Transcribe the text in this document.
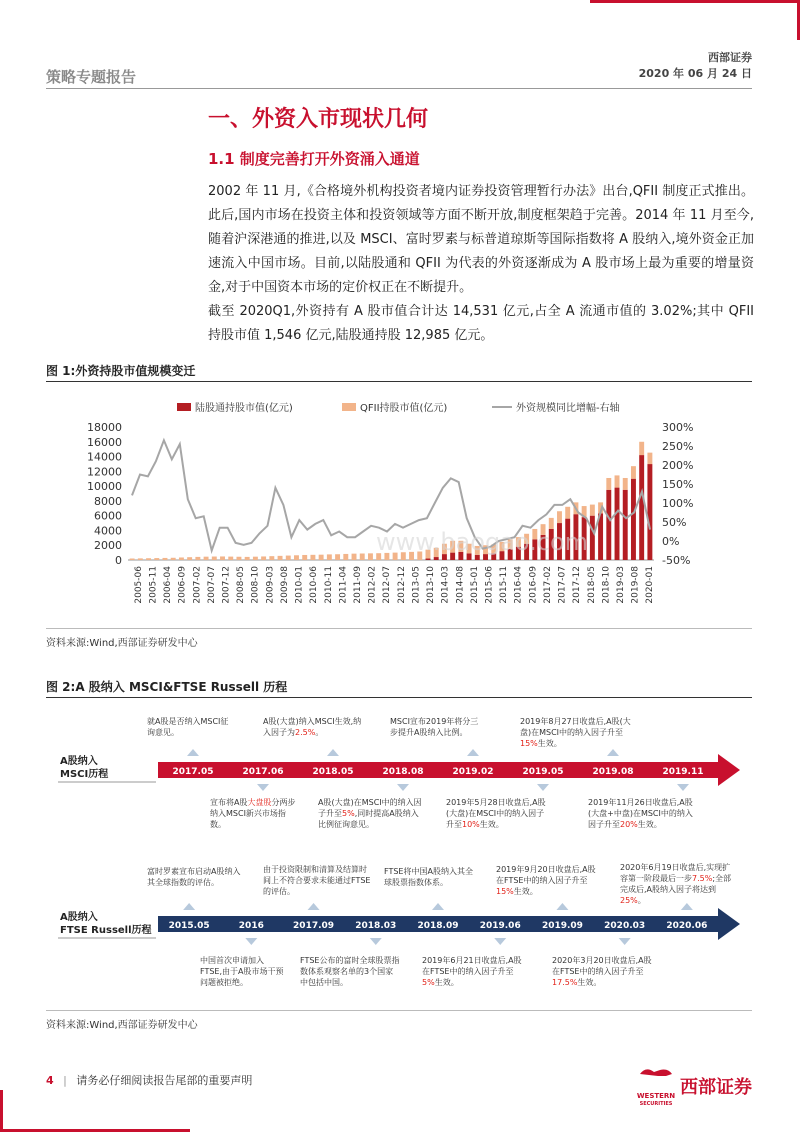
策略专题报告
西部证券
2020 年 06 月 24 日
一、外资入市现状几何
1.1 制度完善打开外资涌入通道
2002 年 11 月,《合格境外机构投资者境内证券投资管理暂行办法》出台,QFII 制度正式推出。此后,国内市场在投资主体和投资领域等方面不断开放,制度框架趋于完善。2014 年 11 月至今,随着沪深港通的推进,以及 MSCI、富时罗素与标普道琼斯等国际指数将 A 股纳入,境外资金正加速流入中国市场。目前,以陆股通和 QFII 为代表的外资逐渐成为 A 股市场上最为重要的增量资金,对于中国资本市场的定价权正在不断提升。
截至 2020Q1,外资持有 A 股市值合计达 14,531 亿元,占全 A 流通市值的 3.02%;其中 QFII 持股市值 1,546 亿元,陆股通持股 12,985 亿元。
图 1:外资持股市值规模变迁
陆股通持股市值(亿元)	QFII持股市值(亿元)	外资规模同比增幅-右轴
0
2000
4000
6000
8000
10000
12000
14000
16000
18000
-50%
0%
50%
100%
150%
200%
250%
300%
2005-06 2005-11 2006-04 2006-09 2007-02 2007-07 2007-12 2008-05 2008-10 2009-03 2009-08 2010-01 2010-06 2010-11 2011-04 2011-09 2012-02 2012-07 2012-12 2013-05 2013-10 2014-03 2014-08 2015-01 2015-06 2015-11 2016-04 2016-09 2017-02 2017-07 2017-12 2018-05 2018-10 2019-03 2019-08 2020-01
www.baogao.com
资料来源:Wind,西部证券研发中心
图 2:A 股纳入 MSCI&FTSE Russell 历程
A股纳入
MSCI历程	2017.05	2017.06	2018.05	2018.08	2019.02	2019.05	2019.08	2019.11
A股纳入
FTSE Russell历程 2015.05	2016	2017.09 2018.03 2018.09 2019.06 2019.09 2020.03 2020.06
就A股是否纳入MSCI征询意见。
A股(大盘)纳入MSCI生效,纳入因子为2.5%。
MSCI宣布2019年将分三步提升A股纳入比例。
2019年8月27日收盘后,A股(大盘)在MSCI中的纳入因子升至15%生效。
宣布将A股大盘股分两步纳入MSCI新兴市场指数。
A股(大盘)在MSCI中的纳入因子升至5%,同时提高A股纳入比例征询意见。
2019年5月28日收盘后,A股(大盘)在MSCI中的纳入因子升至10%生效。
2019年11月26日收盘后,A股(大盘+中盘)在MSCI中的纳入因子升至20%生效。
富时罗素宣布启动A股纳入其全球指数的评估。
由于投资限制和清算及结算时间上不符合要求未能通过FTSE的评估。
FTSE将中国A股纳入其全球股票指数体系。
2019年9月20日收盘后,A股在FTSE中的纳入因子升至15%生效。
2020年6月19日收盘后,实现扩容第一阶段最后一步7.5%;全部完成后,A股纳入因子将达到25%。
中国首次申请加入FTSE,由于A股市场干预问题被拒绝。
FTSE公布的富时全球股票指数体系观察名单的3个国家中包括中国。
2019年6月21日收盘后,A股在FTSE中的纳入因子升至5%生效。
2020年3月20日收盘后,A股在FTSE中的纳入因子升至17.5%生效。
资料来源:Wind,西部证券研发中心
4 | 请务必仔细阅读报告尾部的重要声明
WESTERN
SECURITIES
西部证券
